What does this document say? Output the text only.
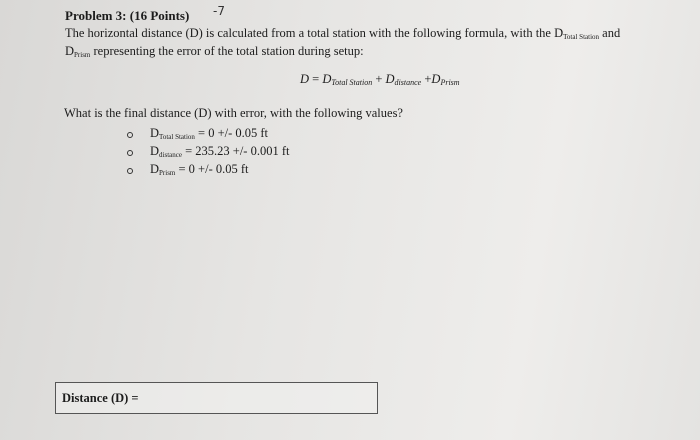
Problem 3: (16 Points) -7
The horizontal distance (D) is calculated from a total station with the following formula, with the $D_{Total Station}$ and
$D_{Prism}$ representing the error of the total station during setup:
$D = D_{Total Station} + D_{distance} +D_{Prism}$
What is the final distance (D) with error, with the following values?
$D_{Total Station} = 0$ +/- 0.05 ft
$D_{distance} = 235.23$ +/- 0.001 ft
$D_{Prism} = 0$ +/- 0.05 ft
Distance (D) =
